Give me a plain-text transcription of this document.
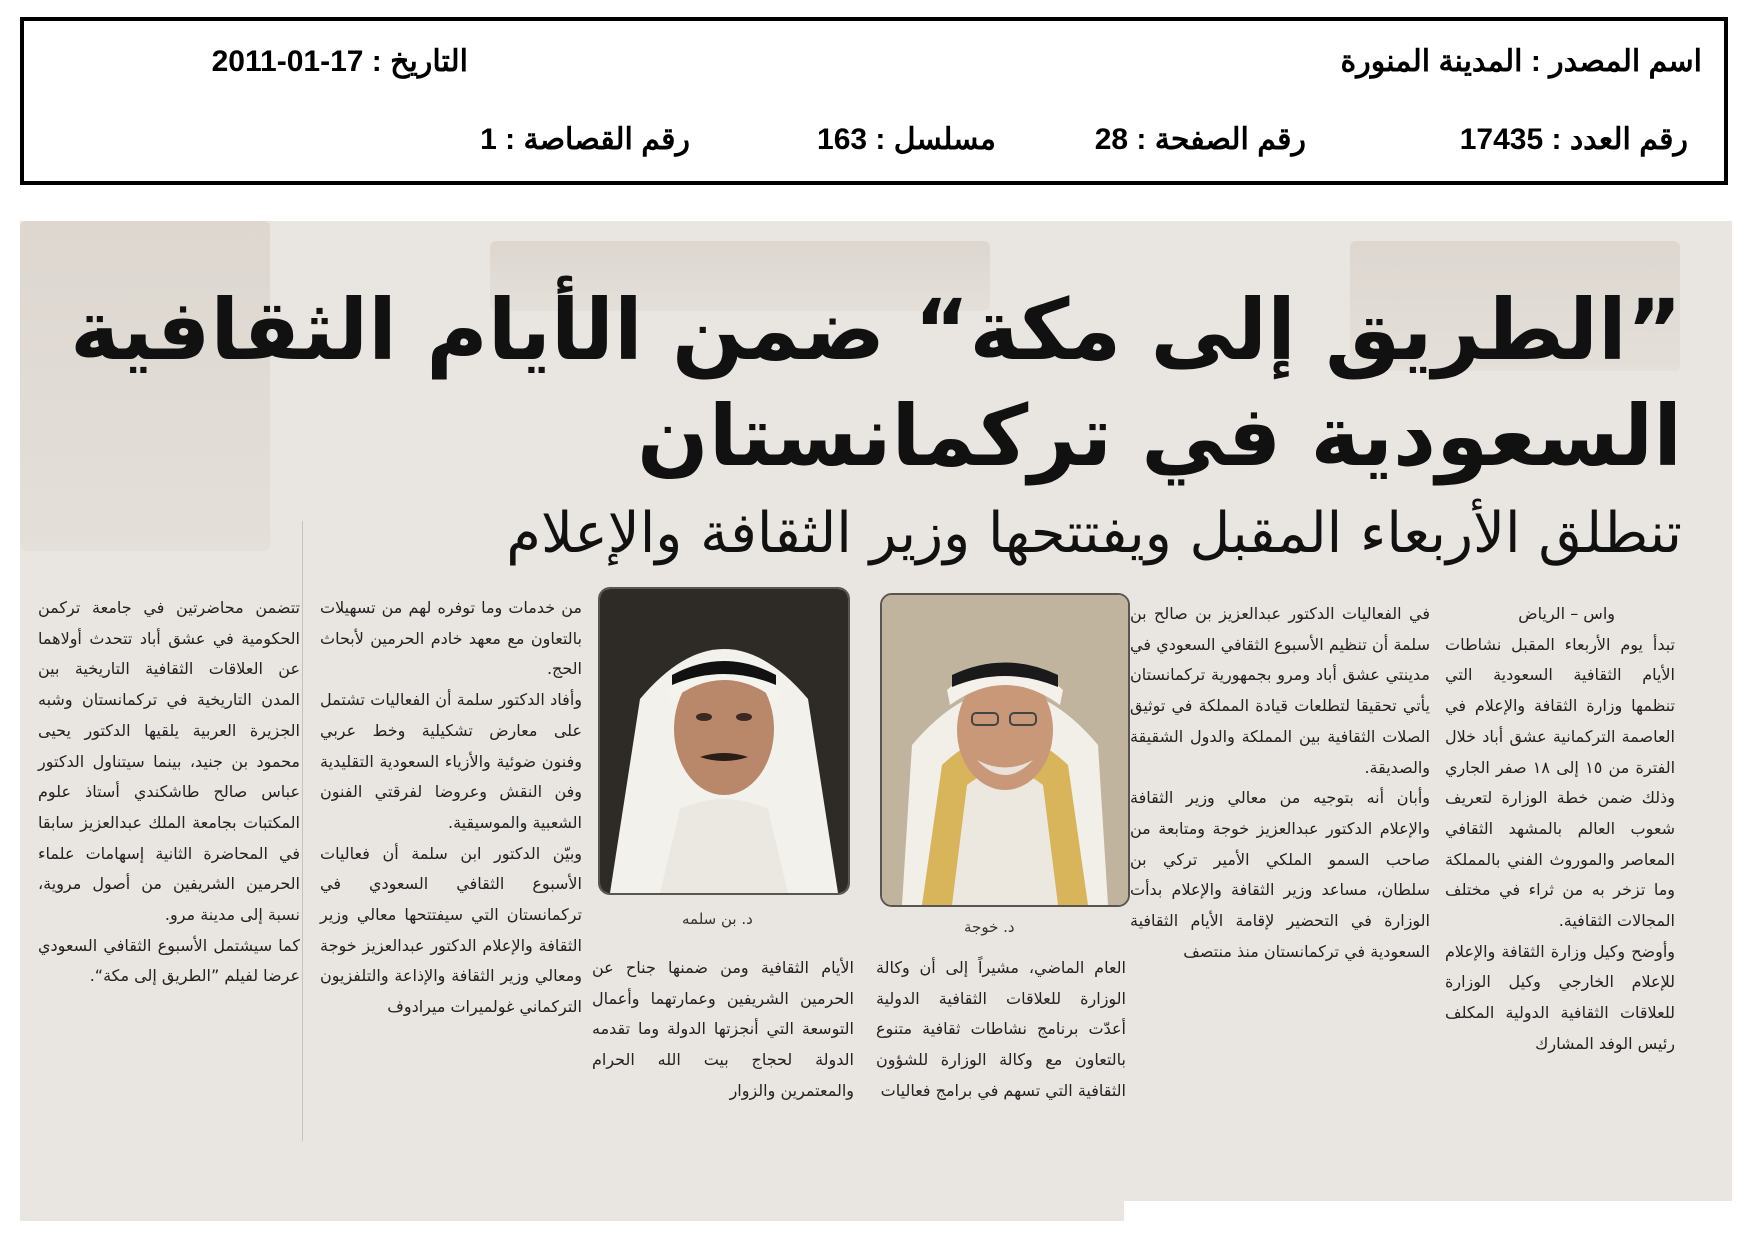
اسم المصدر : المدينة المنورة
التاريخ : 17-01-2011
رقم العدد : 17435
رقم الصفحة : 28
مسلسل : 163
رقم القصاصة : 1
”الطريق إلى مكة“ ضمن الأيام الثقافية
السعودية في تركمانستان
تنطلق الأربعاء المقبل ويفتتحها وزير الثقافة والإعلام
واس – الرياض
تبدأ يوم الأربعاء المقبل نشاطات الأيام الثقافية السعودية التي تنظمها وزارة الثقافة والإعلام في العاصمة التركمانية عشق أباد خلال الفترة من ١٥ إلى ١٨ صفر الجاري وذلك ضمن خطة الوزارة لتعريف شعوب العالم بالمشهد الثقافي المعاصر والموروث الفني بالمملكة وما تزخر به من ثراء في مختلف المجالات الثقافية.
وأوضح وكيل وزارة الثقافة والإعلام للإعلام الخارجي وكيل الوزارة للعلاقات الثقافية الدولية المكلف رئيس الوفد المشارك
في الفعاليات الدكتور عبدالعزيز بن صالح بن سلمة أن تنظيم الأسبوع الثقافي السعودي في مدينتي عشق أباد ومرو بجمهورية تركمانستان يأتي تحقيقا لتطلعات قيادة المملكة في توثيق الصلات الثقافية بين المملكة والدول الشقيقة والصديقة.
وأبان أنه بتوجيه من معالي وزير الثقافة والإعلام الدكتور عبدالعزيز خوجة ومتابعة من صاحب السمو الملكي الأمير تركي بن سلطان، مساعد وزير الثقافة والإعلام بدأت الوزارة في التحضير لإقامة الأيام الثقافية السعودية في تركمانستان منذ منتصف
د. خوجة
د. بن سلمه
العام الماضي، مشيراً إلى أن وكالة الوزارة للعلاقات الثقافية الدولية أعدّت برنامج نشاطات ثقافية متنوع بالتعاون مع وكالة الوزارة للشؤون الثقافية التي تسهم في برامج فعاليات
الأيام الثقافية ومن ضمنها جناح عن الحرمين الشريفين وعمارتهما وأعمال التوسعة التي أنجزتها الدولة وما تقدمه الدولة لحجاج بيت الله الحرام والمعتمرين والزوار
من خدمات وما توفره لهم من تسهيلات بالتعاون مع معهد خادم الحرمين لأبحاث الحج.
وأفاد الدكتور سلمة أن الفعاليات تشتمل على معارض تشكيلية وخط عربي وفنون ضوئية والأزياء السعودية التقليدية وفن النقش وعروضا لفرقتي الفنون الشعبية والموسيقية.
وبيّن الدكتور ابن سلمة أن فعاليات الأسبوع الثقافي السعودي في تركمانستان التي سيفتتحها معالي وزير الثقافة والإعلام الدكتور عبدالعزيز خوجة ومعالي وزير الثقافة والإذاعة والتلفزيون التركماني غولميرات ميرادوف
تتضمن محاضرتين في جامعة تركمن الحكومية في عشق أباد تتحدث أولاهما عن العلاقات الثقافية التاريخية بين المدن التاريخية في تركمانستان وشبه الجزيرة العربية يلقيها الدكتور يحيى محمود بن جنيد، بينما سيتناول الدكتور عباس صالح طاشكندي أستاذ علوم المكتبات بجامعة الملك عبدالعزيز سابقا في المحاضرة الثانية إسهامات علماء الحرمين الشريفين من أصول مروية، نسبة إلى مدينة مرو.
كما سيشتمل الأسبوع الثقافي السعودي عرضا لفيلم ”الطريق إلى مكة“.
